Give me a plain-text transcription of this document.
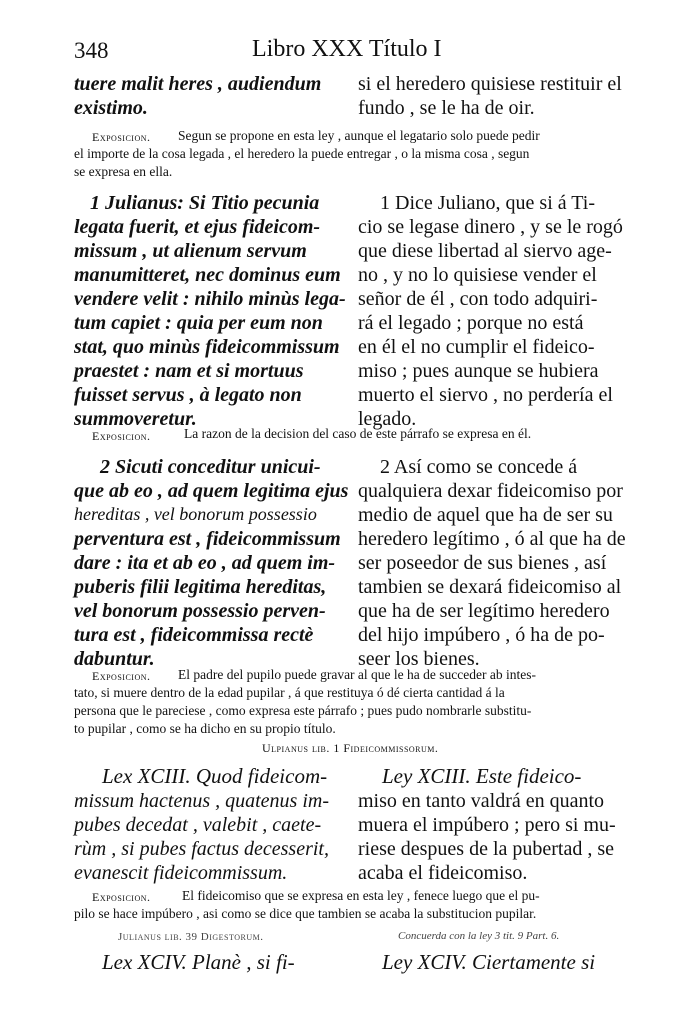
348	Libro XXX Título I
tuere malit heres , audiendum
existimo.
si el heredero quisiese restituir el
fundo , se le ha de oir.
Exposicion. Segun se propone en esta ley , aunque el legatario solo puede pedir
el importe de la cosa legada , el heredero la puede entregar , o la misma cosa , segun
se expresa en ella.
1 Julianus: Si Titio pecunia
legata fuerit, et ejus fideicom-
missum , ut alienum servum
manumitteret, nec dominus eum
vendere velit : nihilo minùs lega-
tum capiet : quia per eum non
stat, quo minùs fideicommissum
praestet : nam et si mortuus
fuisset servus , à legato non
summoveretur.
1 Dice Juliano, que si á Ti-
cio se legase dinero , y se le rogó
que diese libertad al siervo age-
no , y no lo quisiese vender el
señor de él , con todo adquiri-
rá el legado ; porque no está
en él el no cumplir el fideico-
miso ; pues aunque se hubiera
muerto el siervo , no perdería el
legado.
Exposicion. La razon de la decision del caso de este párrafo se expresa en él.
2 Sicuti conceditur unicui-
que ab eo , ad quem legitima ejus
hereditas , vel bonorum possessio
perventura est , fideicommissum
dare : ita et ab eo , ad quem im-
puberis filii legitima hereditas,
vel bonorum possessio perven-
tura est , fideicommissa rectè
dabuntur.
2 Así como se concede á
qualquiera dexar fideicomiso por
medio de aquel que ha de ser su
heredero legítimo , ó al que ha de
ser poseedor de sus bienes , así
tambien se dexará fideicomiso al
que ha de ser legítimo heredero
del hijo impúbero , ó ha de po-
seer los bienes.
Exposicion. El padre del pupilo puede gravar al que le ha de succeder ab intes-
tato, si muere dentro de la edad pupilar , á que restituya ó dé cierta cantidad á la
persona que le pareciese , como expresa este párrafo ; pues pudo nombrarle substitu-
to pupilar , como se ha dicho en su propio título.
Ulpianus lib. 1 Fideicommissorum.
Lex XCIII. Quod fideicom-
missum hactenus , quatenus im-
pubes decedat , valebit , caete-
rùm , si pubes factus decesserit,
evanescit fideicommissum.
Ley XCIII. Este fideico-
miso en tanto valdrá en quanto
muera el impúbero ; pero si mu-
riese despues de la pubertad , se
acaba el fideicomiso.
Exposicion. El fideicomiso que se expresa en esta ley , fenece luego que el pu-
pilo se hace impúbero , asi como se dice que tambien se acaba la substitucion pupilar.
Julianus lib. 39 Digestorum.	Concuerda con la ley 3 tit. 9 Part. 6.
Lex XCIV. Planè , si fi-	Ley XCIV. Ciertamente si
